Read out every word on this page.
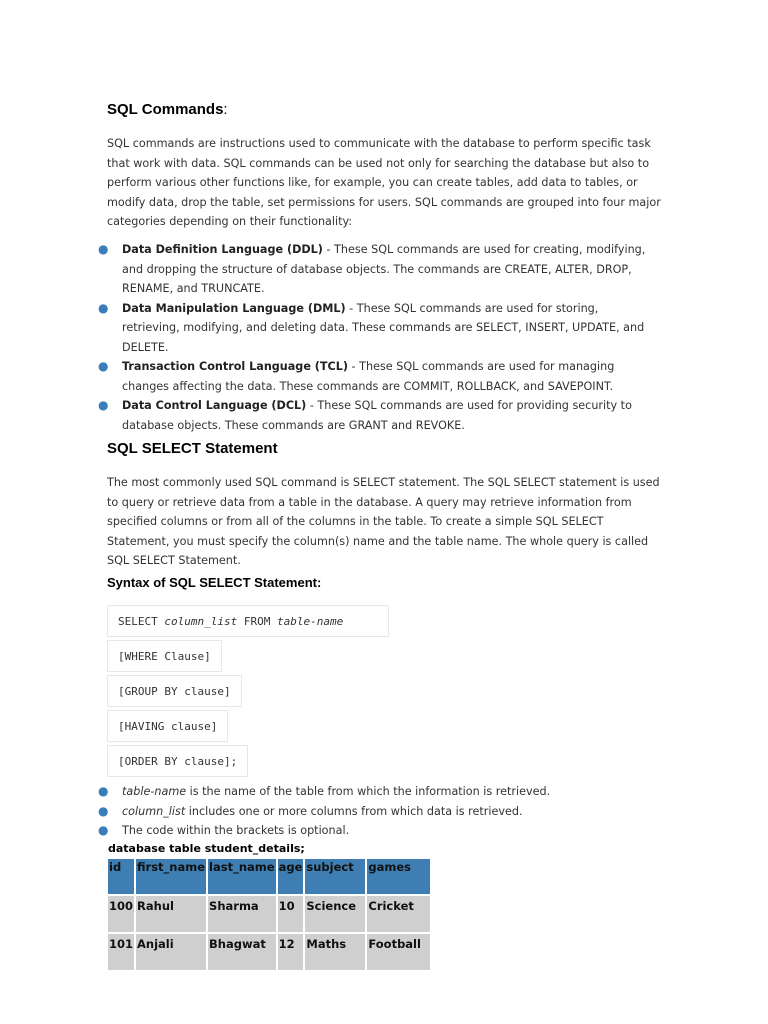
SQL Commands:

SQL commands are instructions used to communicate with the database to perform specific task
that work with data. SQL commands can be used not only for searching the database but also to
perform various other functions like, for example, you can create tables, add data to tables, or
modify data, drop the table, set permissions for users. SQL commands are grouped into four major
categories depending on their functionality:

● Data Definition Language (DDL) - These SQL commands are used for creating, modifying,
and dropping the structure of database objects. The commands are CREATE, ALTER, DROP,
RENAME, and TRUNCATE.
● Data Manipulation Language (DML) - These SQL commands are used for storing,
retrieving, modifying, and deleting data. These commands are SELECT, INSERT, UPDATE, and
DELETE.
● Transaction Control Language (TCL) - These SQL commands are used for managing
changes affecting the data. These commands are COMMIT, ROLLBACK, and SAVEPOINT.
● Data Control Language (DCL) - These SQL commands are used for providing security to
database objects. These commands are GRANT and REVOKE.
SQL SELECT Statement

The most commonly used SQL command is SELECT statement. The SQL SELECT statement is used
to query or retrieve data from a table in the database. A query may retrieve information from
specified columns or from all of the columns in the table. To create a simple SQL SELECT
Statement, you must specify the column(s) name and the table name. The whole query is called
SQL SELECT Statement.

Syntax of SQL SELECT Statement:
SELECT column_list FROM table-name
[WHERE Clause]
[GROUP BY clause]
[HAVING clause]
[ORDER BY clause];
● table-name is the name of the table from which the information is retrieved.
● column_list includes one or more columns from which data is retrieved.
● The code within the brackets is optional.

database table student_details;

id	first_name	last_name	age	subject	games
100	Rahul	Sharma	10	Science	Cricket
101	Anjali	Bhagwat	12	Maths	Football
